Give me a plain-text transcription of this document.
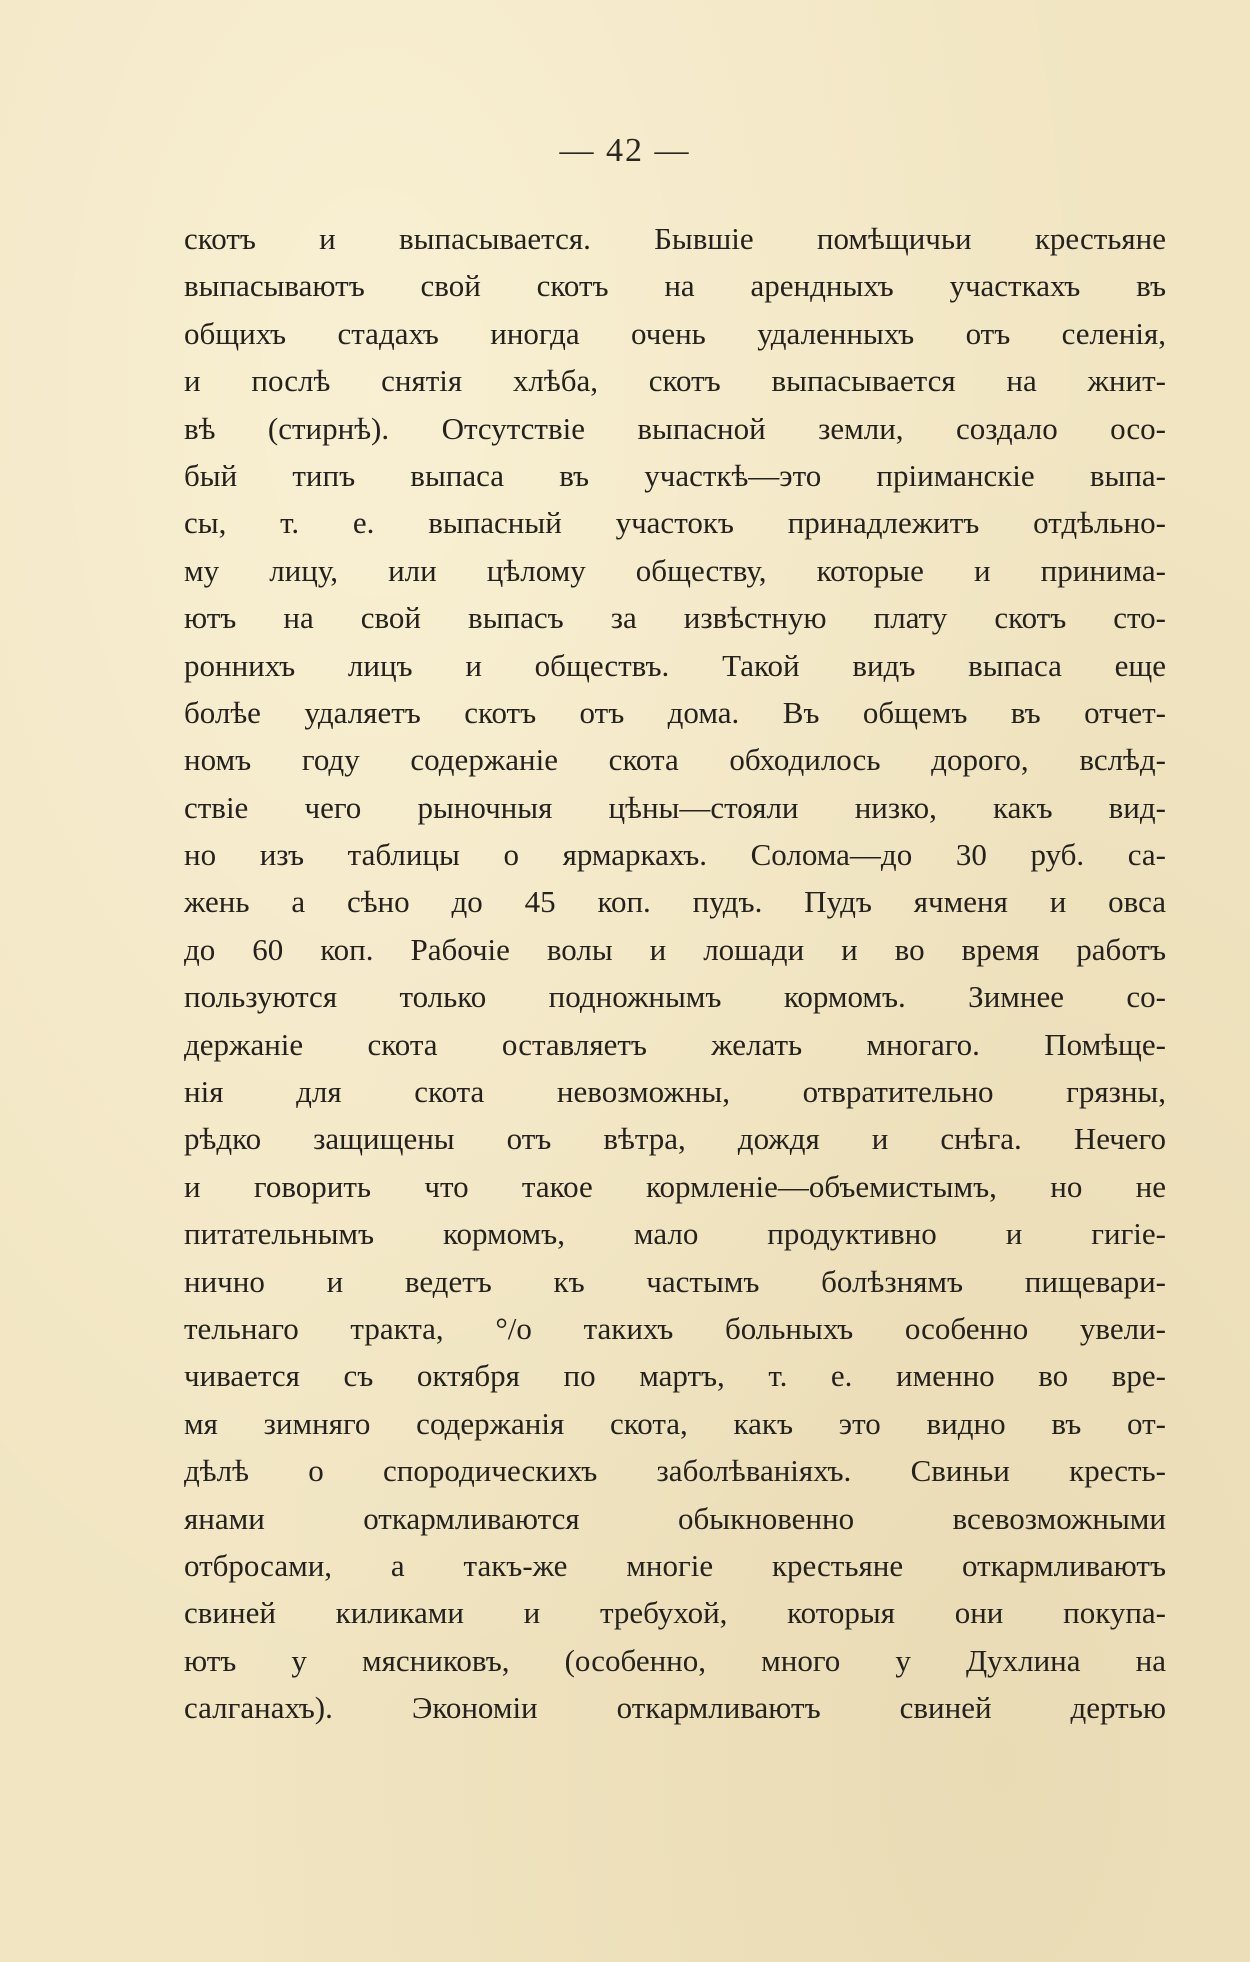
— 42 —
скотъ и выпасывается. Бывшіе помѣщичьи крестьяне
выпасываютъ свой скотъ на арендныхъ участкахъ въ
общихъ стадахъ иногда очень удаленныхъ отъ селенія,
и послѣ снятія хлѣба, скотъ выпасывается на жнит-
вѣ (стирнѣ). Отсутствіе выпасной земли, создало осо-
бый типъ выпаса въ участкѣ—это пріиманскіе выпа-
сы, т. е. выпасный участокъ принадлежитъ отдѣльно-
му лицу, или цѣлому обществу, которые и принима-
ютъ на свой выпасъ за извѣстную плату скотъ сто-
роннихъ лицъ и обществъ. Такой видъ выпаса еще
болѣе удаляетъ скотъ отъ дома. Въ общемъ въ отчет-
номъ году содержаніе скота обходилось дорого, вслѣд-
ствіе чего рыночныя цѣны—стояли низко, какъ вид-
но изъ таблицы о ярмаркахъ. Солома—до 30 руб. са-
жень а сѣно до 45 коп. пудъ. Пудъ ячменя и овса
до 60 коп. Рабочіе волы и лошади и во время работъ
пользуются только подножнымъ кормомъ. Зимнее со-
держаніе скота оставляетъ желать многаго. Помѣще-
нія для скота невозможны, отвратительно грязны,
рѣдко защищены отъ вѣтра, дождя и снѣга. Нечего
и говорить что такое кормленіе—объемистымъ, но не
питательнымъ кормомъ, мало продуктивно и гигіе-
нично и ведетъ къ частымъ болѣзнямъ пищевари-
тельнаго тракта, °/о такихъ больныхъ особенно увели-
чивается съ октября по мартъ, т. е. именно во вре-
мя зимняго содержанія скота, какъ это видно въ от-
дѣлѣ о спородическихъ заболѣваніяхъ. Свиньи кресть-
янами откармливаются обыкновенно всевозможными
отбросами, а такъ-же многіе крестьяне откармливаютъ
свиней киликами и требухой, которыя они покупа-
ютъ у мясниковъ, (особенно, много у Духлина на
салганахъ). Экономіи откармливаютъ свиней дертью
